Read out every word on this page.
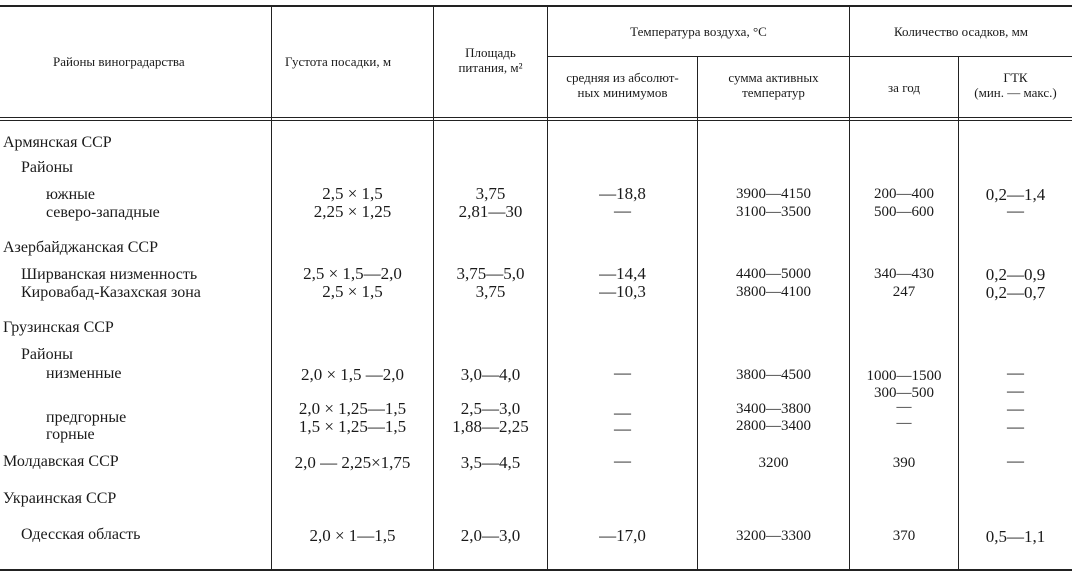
Районы виноградарства	Густота посадки, м
Площадь
питания, м²
Температура воздуха, °С
средняя из абсолют-
ных минимумов
сумма активных
температур
Количество осадков, мм
за год
ГТК
(мин. — макс.)
Армянская ССР
Районы
южные
северо-западные
Азербайджанская ССР
Ширванская низменность
Кировабад-Казахская зона
Грузинская ССР
Районы
низменные
предгорные
горные
Молдавская ССР
Украинская ССР
Одесская область
2,5 × 1,5
2,25 × 1,25
2,5 × 1,5—2,0
2,5 × 1,5
2,0 × 1,5 —2,0
2,0 × 1,25—1,5
1,5 × 1,25—1,5
2,0 — 2,25×1,75
2,0 × 1—1,5
3,75
2,81—30
3,75—5,0
3,75
3,0—4,0
2,5—3,0
1,88—2,25
3,5—4,5
2,0—3,0
—18,8
—
—14,4
—10,3
—
—
—
—
—17,0
3900—4150
3100—3500
4400—5000
3800—4100
3800—4500
3400—3800
2800—3400
3200
3200—3300
200—400
500—600
340—430
247
1000—1500
300—500
—
—
390
370
0,2—1,4
—
0,2—0,9
0,2—0,7
—
—
—
—
—
0,5—1,1
